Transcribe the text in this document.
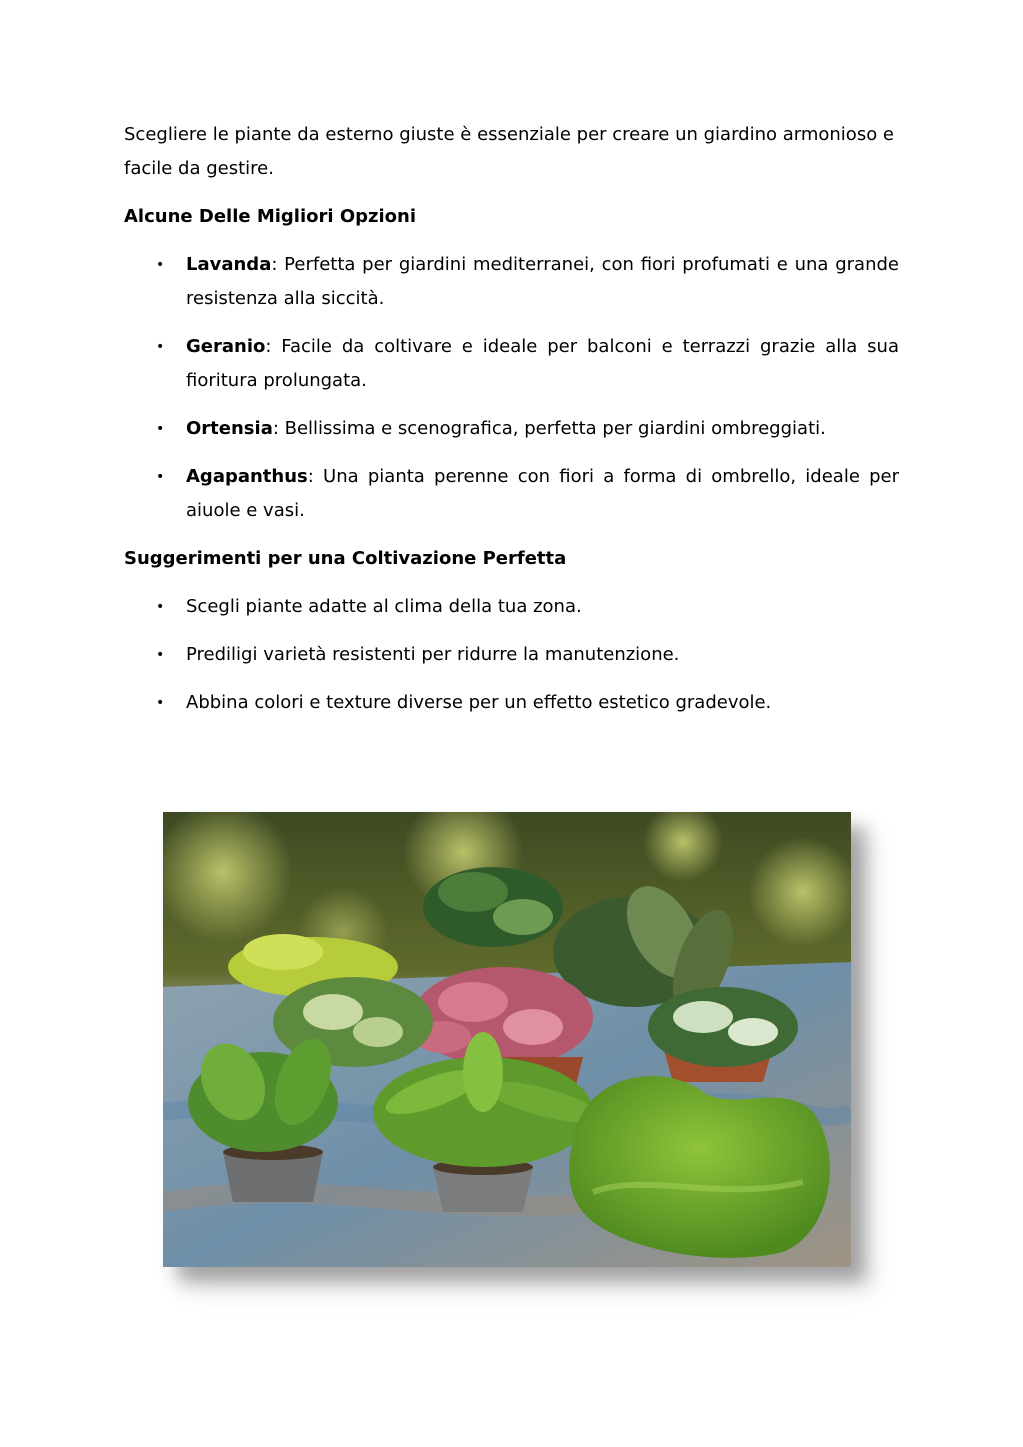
Scegliere le piante da esterno giuste è essenziale per creare un giardino armonioso e facile da gestire.

Alcune Delle Migliori Opzioni
• Lavanda: Perfetta per giardini mediterranei, con fiori profumati e una grande resistenza alla siccità.
• Geranio: Facile da coltivare e ideale per balconi e terrazzi grazie alla sua fioritura prolungata.
• Ortensia: Bellissima e scenografica, perfetta per giardini ombreggiati.
• Agapanthus: Una pianta perenne con fiori a forma di ombrello, ideale per aiuole e vasi.
Suggerimenti per una Coltivazione Perfetta
• Scegli piante adatte al clima della tua zona.
• Prediligi varietà resistenti per ridurre la manutenzione.
• Abbina colori e texture diverse per un effetto estetico gradevole.
